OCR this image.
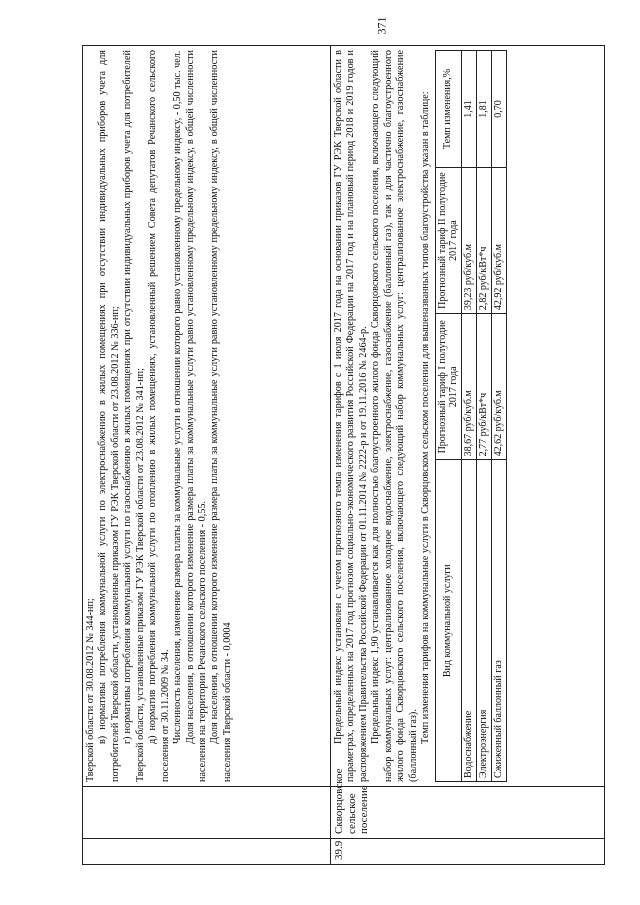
371

Тверской области от 30.08.2012 № 344-нп; в) нормативы потребления коммунальной услуги по электроснабжению в жилых помещениях при отсутствии индивидуальных приборов учета для потребителей Тверской области, установленные приказом ГУ РЭК Тверской области от 23.08.2012 № 336-нп; г) нормативы потребления коммунальной услуги по газоснабжению в жилых помещениях при отсутствии индивидуальных приборов учета для потребителей Тверской области, установленные приказом ГУ РЭК Тверской области от 23.08.2012 № 341-нп; д) норматив потребления коммунальной услуги по отоплению в жилых помещениях, установленный решением Совета депутатов Речанского сельского поселения от 30.11.2009 № 34. Численность населения, изменение размера платы за коммунальные услуги в отношении которого равно установленному предельному индексу, - 0,50 тыс. чел. Доля населения, в отношении которого изменение размера платы за коммунальные услуги равно установленному предельному индексу, в общей численности населения на территории Речанского сельского поселения - 0,55. Доля населения, в отношении которого изменение размера платы за коммунальные услуги равно установленному предельному индексу, в общей численности населения Тверской области - 0,0004

39.9	Скворцовское сельское поселение	

Предельный индекс установлен с учетом прогнозного темпа изменения тарифов с 1 июля 2017 года на основании приказов ГУ РЭК Тверской области в параметрах, определенных на 2017 год прогнозом социально-экономического развития Российской Федерации на 2017 год и на плановый период 2018 и 2019 годов и распоряжением Правительства Российской Федерации от 01.11.2014 № 2222-р и от 19.11.2016 № 2464-р. Предельный индекс 1,90 устанавливается как для полностью благоустроенного жилого фонда Скворцовского сельского поселения, включающего следующий набор коммунальных услуг: централизованное холодное водоснабжение, электроснабжение, газоснабжение (баллонный газ), так и для частично благоустроенного жилого фонда Скворцовского сельского поселения, включающего следующий набор коммунальных услуг: централизованное электроснабжение, газоснабжение (баллонный газ).

Темп изменения тарифов на коммунальные услуги в Скворцовском сельском поселении для вышеназванных типов благоустройства указан в таблице: Вид коммунальной услуги	Прогнозный тариф I полугодие 2017 года	Прогнозный тариф II полугодие 2017 года	Темп изменения,%
Водоснабжение	38,67 руб/куб.м	39,23 руб/куб.м	1,41
Электроэнергия	2,77 руб/кВт*ч	2,82 руб/кВт*ч	1,81
Сжиженный баллонный газ	42,62 руб/куб.м	42,92 руб/куб.м	0,70
